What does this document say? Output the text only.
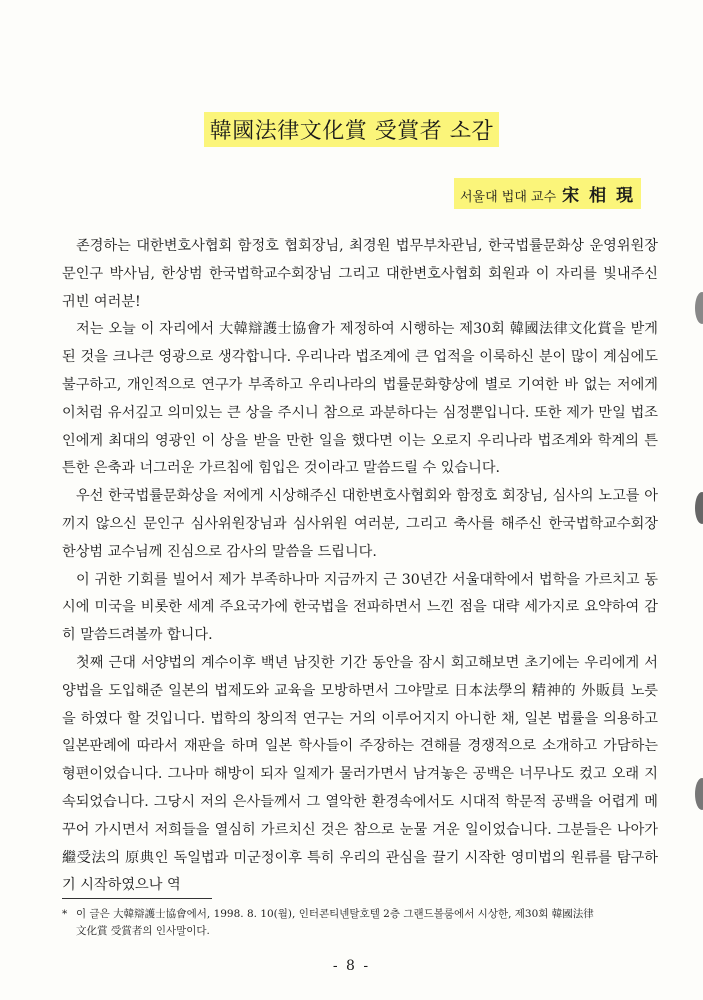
韓國法律文化賞 受賞者 소감
서울대 법대 교수 宋 相 現

존경하는 대한변호사협회 함정호 협회장님, 최경원 법무부차관님, 한국법률문화상 운영위원장 문인구 박사님, 한상범 한국법학교수회장님 그리고 대한변호사협회 회원과 이 자리를 빛내주신 귀빈 여러분!

저는 오늘 이 자리에서 大韓辯護士協會가 제정하여 시행하는 제30회 韓國法律文化賞을 받게 된 것을 크나큰 영광으로 생각합니다. 우리나라 법조계에 큰 업적을 이룩하신 분이 많이 계심에도 불구하고, 개인적으로 연구가 부족하고 우리나라의 법률문화향상에 별로 기여한 바 없는 저에게 이처럼 유서깊고 의미있는 큰 상을 주시니 참으로 과분하다는 심정뿐입니다. 또한 제가 만일 법조인에게 최대의 영광인 이 상을 받을 만한 일을 했다면 이는 오로지 우리나라 법조계와 학계의 튼튼한 은축과 너그러운 가르침에 힘입은 것이라고 말씀드릴 수 있습니다.

우선 한국법률문화상을 저에게 시상해주신 대한변호사협회와 함정호 회장님, 심사의 노고를 아끼지 않으신 문인구 심사위원장님과 심사위원 여러분, 그리고 축사를 해주신 한국법학교수회장 한상범 교수님께 진심으로 감사의 말씀을 드립니다.

이 귀한 기회를 빌어서 제가 부족하나마 지금까지 근 30년간 서울대학에서 법학을 가르치고 동시에 미국을 비롯한 세계 주요국가에 한국법을 전파하면서 느낀 점을 대략 세가지로 요약하여 감히 말씀드려볼까 합니다.

첫째 근대 서양법의 계수이후 백년 남짓한 기간 동안을 잠시 회고해보면 초기에는 우리에게 서양법을 도입해준 일본의 법제도와 교육을 모방하면서 그야말로 日本法學의 精神的 外販員 노릇을 하였다 할 것입니다. 법학의 창의적 연구는 거의 이루어지지 아니한 채, 일본 법률을 의용하고 일본판례에 따라서 재판을 하며 일본 학사들이 주장하는 견해를 경쟁적으로 소개하고 가담하는 형편이었습니다. 그나마 해방이 되자 일제가 물러가면서 남겨놓은 공백은 너무나도 컸고 오래 지속되었습니다. 그당시 저의 은사들께서 그 열악한 환경속에서도 시대적 학문적 공백을 어렵게 메꾸어 가시면서 저희들을 열심히 가르치신 것은 참으로 눈물 겨운 일이었습니다. 그분들은 나아가 繼受法의 原典인 독일법과 미군정이후 특히 우리의 관심을 끌기 시작한 영미법의 원류를 탐구하기 시작하였으나 역

* 이 글은 大韓辯護士協會에서, 1998. 8. 10(월), 인터콘티넨탈호텔 2층 그랜드볼룸에서 시상한, 제30회 韓國法律
文化賞 受賞者의 인사말이다.
- 8 -
